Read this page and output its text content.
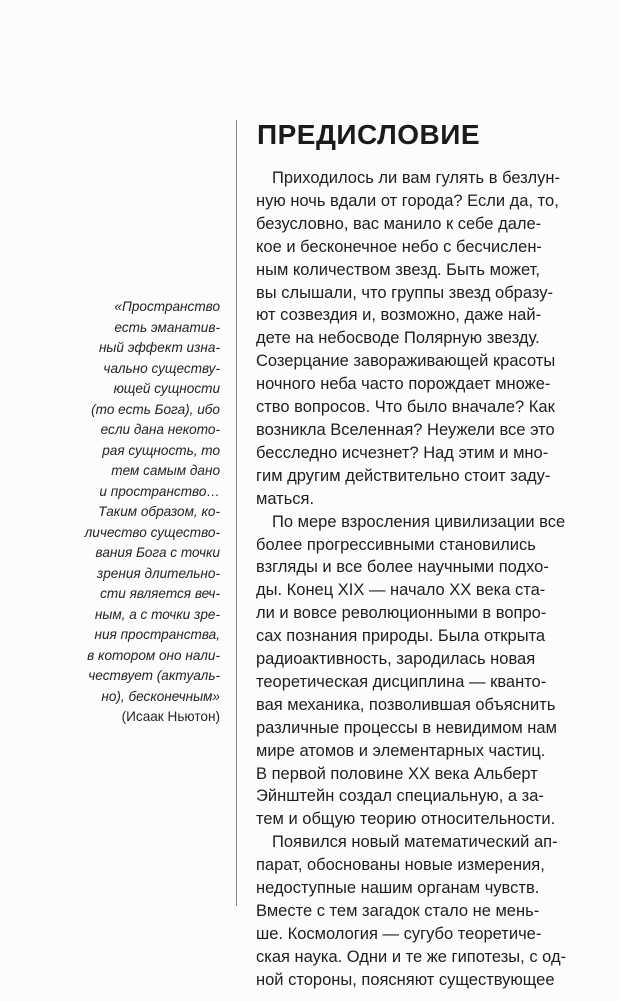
ПРЕДИСЛОВИЕ
«Пространство
есть эманатив-
ный эффект изна-
чально существу-
ющей сущности
(то есть Бога), ибо
если дана некото-
рая сущность, то
тем самым дано
и пространство…
Таким образом, ко-
личество существо-
вания Бога с точки
зрения длительно-
сти является веч-
ным, а с точки зре-
ния пространства,
в котором оно нали-
чествует (актуаль-
но), бесконечным»
(Исаак Ньютон)
Приходилось ли вам гулять в безлун-
ную ночь вдали от города? Если да, то,
безусловно, вас манило к себе дале-
кое и бесконечное небо с бесчислен-
ным количеством звезд. Быть может,
вы слышали, что группы звезд образу-
ют созвездия и, возможно, даже най-
дете на небосводе Полярную звезду.
Созерцание завораживающей красоты
ночного неба часто порождает множе-
ство вопросов. Что было вначале? Как
возникла Вселенная? Неужели все это
бесследно исчезнет? Над этим и мно-
гим другим действительно стоит заду-
маться.
По мере взросления цивилизации все
более прогрессивными становились
взгляды и все более научными подхо-
ды. Конец XIX — начало XX века ста-
ли и вовсе революционными в вопро-
сах познания природы. Была открыта
радиоактивность, зародилась новая
теоретическая дисциплина — кванто-
вая механика, позволившая объяснить
различные процессы в невидимом нам
мире атомов и элементарных частиц.
В первой половине XX века Альберт
Эйнштейн создал специальную, а за-
тем и общую теорию относительности.
Появился новый математический ап-
парат, обоснованы новые измерения,
недоступные нашим органам чувств.
Вместе с тем загадок стало не мень-
ше. Космология — сугубо теоретиче-
ская наука. Одни и те же гипотезы, с од-
ной стороны, поясняют существующее
